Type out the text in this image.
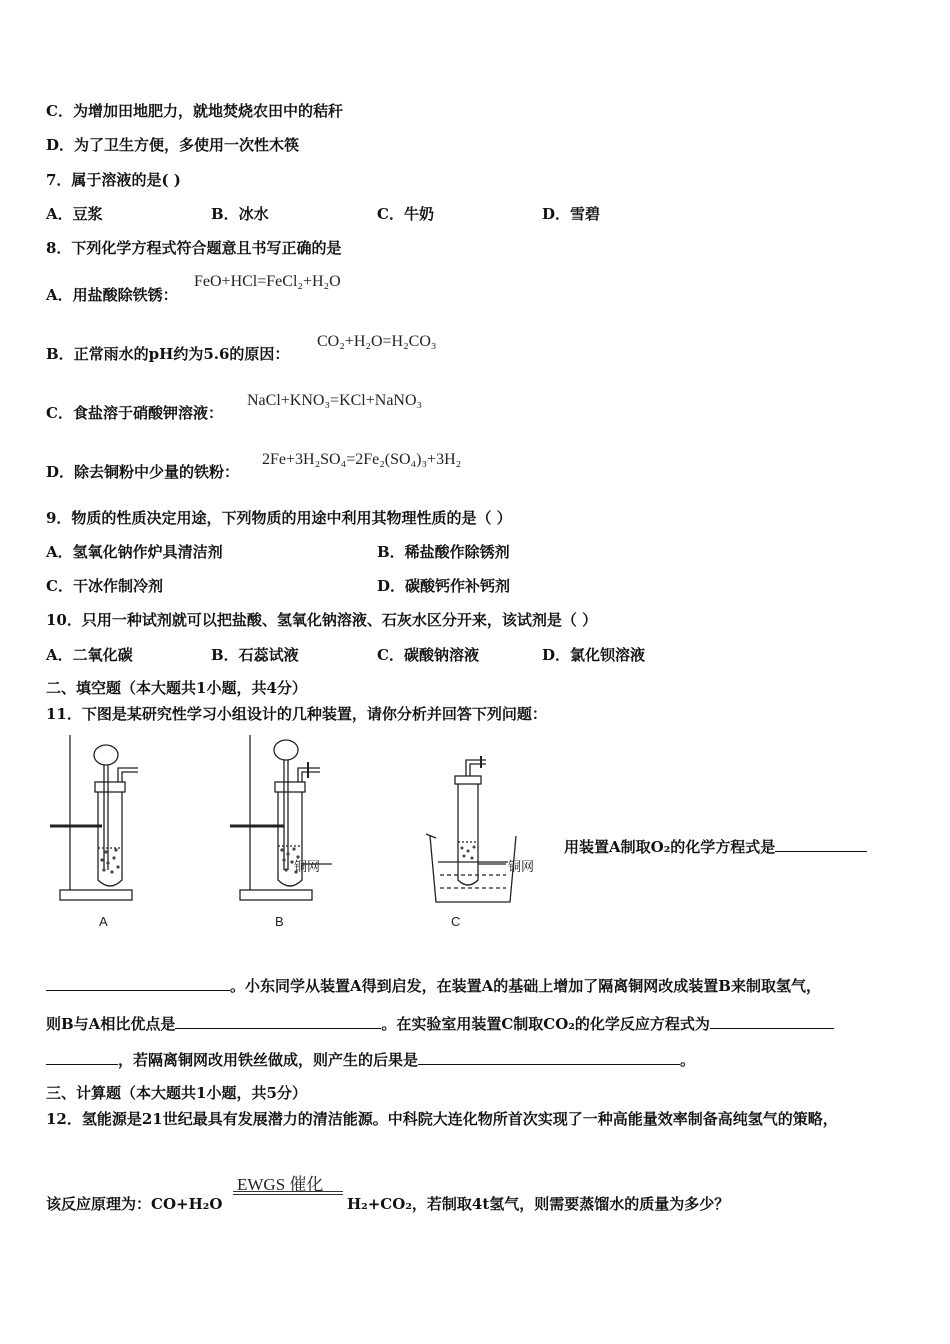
C．为增加田地肥力，就地焚烧农田中的秸秆
D．为了卫生方便，多使用一次性木筷
7．属于溶液的是( )
A．豆浆	B．冰水	C．牛奶	D．雪碧
8．下列化学方程式符合题意且书写正确的是
A．用盐酸除铁锈：
FeO+HCl=FeCl₂+H₂O
B．正常雨水的pH约为5.6的原因：
CO₂+H₂O=H₂CO₃
C．食盐溶于硝酸钾溶液：
NaCl+KNO₃=KCl+NaNO₃
D．除去铜粉中少量的铁粉：
2Fe+3H₂SO₄=2Fe₂(SO₄)₃+3H₂
9．物质的性质决定用途，下列物质的用途中利用其物理性质的是（ ）
A．氢氧化钠作炉具清洁剂	B．稀盐酸作除锈剂
C．干冰作制冷剂	D．碳酸钙作补钙剂
10．只用一种试剂就可以把盐酸、氢氧化钠溶液、石灰水区分开来，该试剂是（ ）
A．二氧化碳	B．石蕊试液	C．碳酸钠溶液	D．氯化钡溶液
二、填空题（本大题共1小题，共4分）
11．下图是某研究性学习小组设计的几种装置，请你分析并回答下列问题：
铜网	铜网
A	B	C
用装置A制取O₂的化学方程式是
。小东同学从装置A得到启发，在装置A的基础上增加了隔离铜网改成装置B来制取氢气，
则B与A相比优点是	。在实验室用装置C制取CO₂的化学反应方程式为
，若隔离铜网改用铁丝做成，则产生的后果是	。
三、计算题（本大题共1小题，共5分）
12．氢能源是21世纪最具有发展潜力的清洁能源。中科院大连化物所首次实现了一种高能量效率制备高纯氢气的策略，
EWGS 催化
该反应原理为：CO+H₂O	H₂+CO₂，若制取4t氢气，则需要蒸馏水的质量为多少？
